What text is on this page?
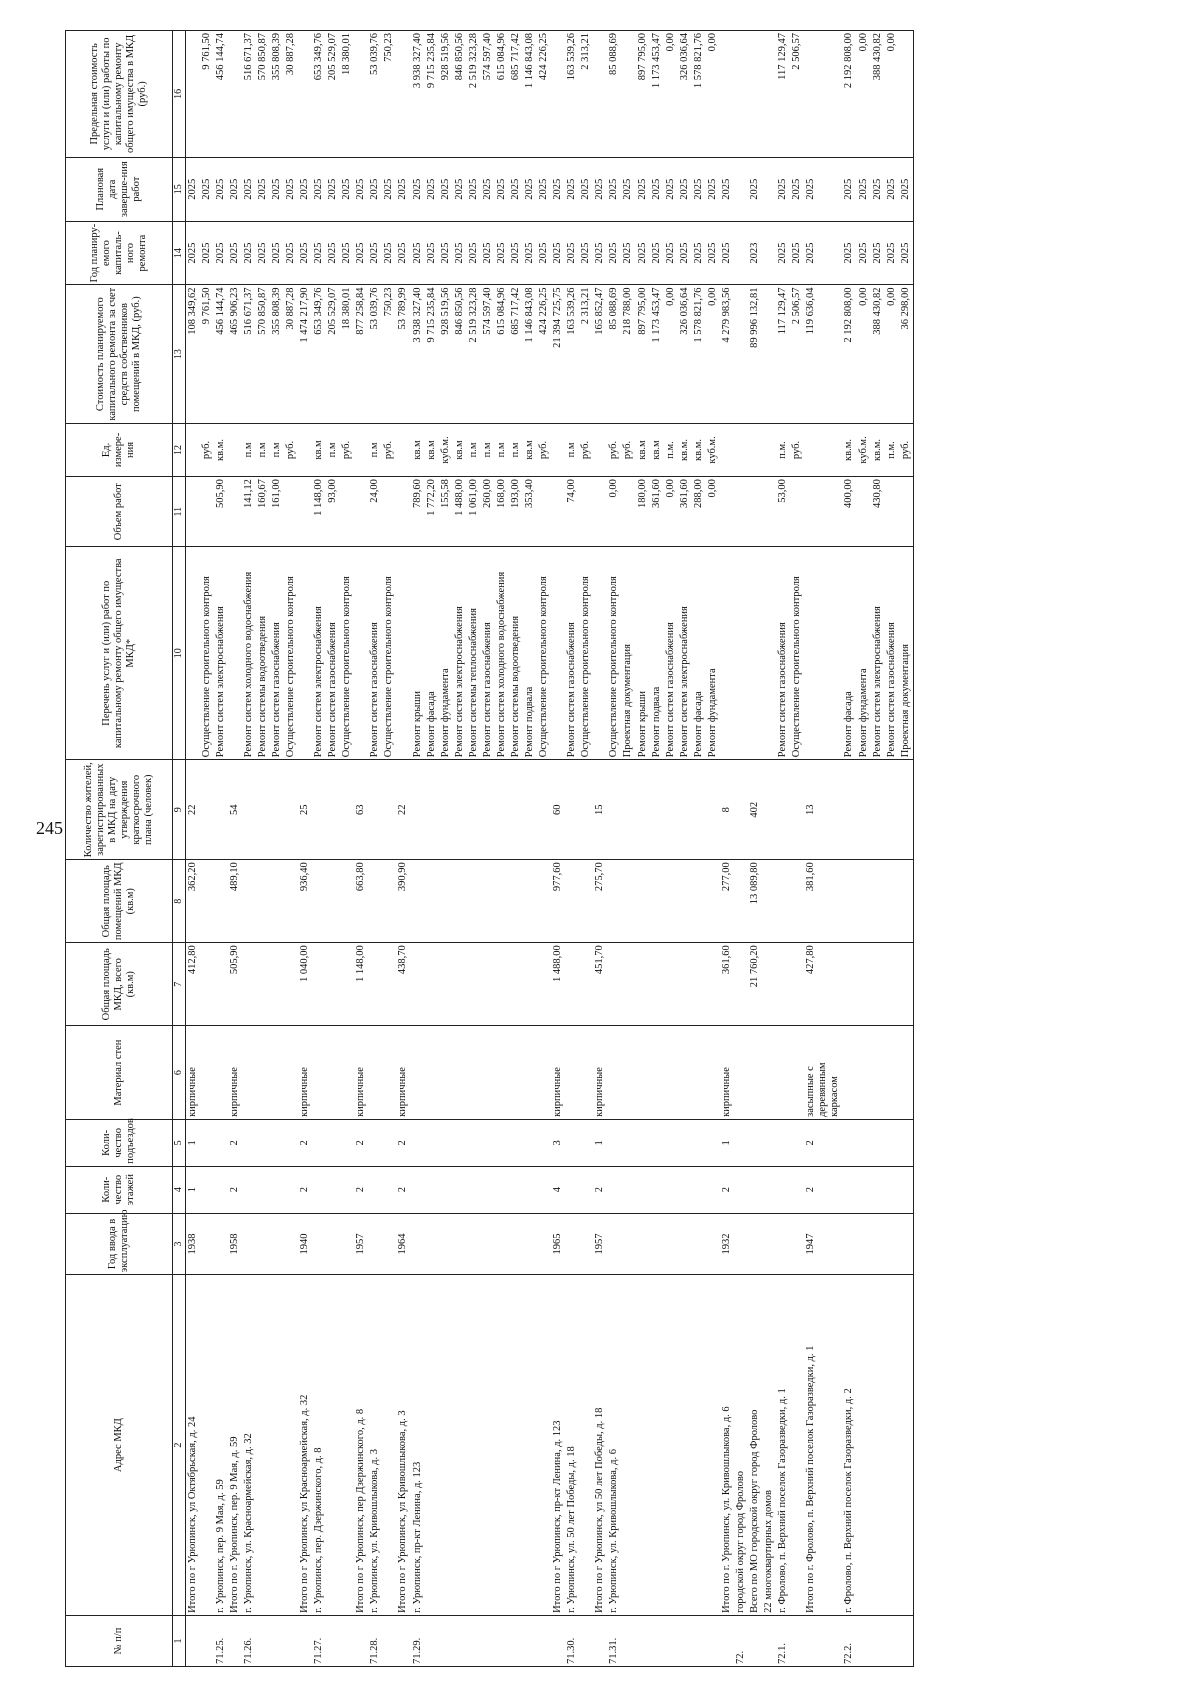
245
№ п/п	Адрес МКД	Год ввода в эксплуатацию	Коли-чество этажей	Коли-чество подъездов	Материал стен	Общая площадь МКД, всего (кв.м)	Общая площадь помещений МКД (кв.м)	Количество жителей, зарегистрированных в МКД на дату утверждения краткосрочного плана (человек)	Перечень услуг и (или) работ по капитальному ремонту общего имущества МКД*	Объем работ	Ед. измере-ния	Стоимость планируемого капитального ремонта за счет средств собственников помещений в МКД, (руб.)	Год планиру-емого капиталь-ного ремонта	Плановая дата заверше-ния работ	Предельная стоимость услуги и (или) работы по капитальному ремонту общего имущества в МКД (руб.)
1	2	3	4	5	6	7	8	9	10	11	12	13	14	15	16
	Итого по г Урюпинск, ул Октябрьская, д. 24	1938	1	1	кирпичные	412,80	362,20	22				108 349,62	2025	2025	
									Осуществление строительного контроля		руб.	9 761,50	2025	2025	9 761,50
71.25.	г. Урюпинск, пер. 9 Мая, д. 59								Ремонт систем электроснабжения	505,90	кв.м.	456 144,74	2025	2025	456 144,74
	Итого по г. Урюпинск, пер. 9 Мая, д. 59	1958	2	2	кирпичные	505,90	489,10	54				465 906,23	2025	2025	
71.26.	г. Урюпинск, ул. Красноармейская, д. 32								Ремонт систем холодного водоснабжения	141,12	п.м	516 671,37	2025	2025	516 671,37
									Ремонт системы водоотведения	160,67	п.м	570 850,87	2025	2025	570 850,87
									Ремонт систем газоснабжения	161,00	п.м	355 808,39	2025	2025	355 808,39
									Осуществление строительного контроля		руб.	30 887,28	2025	2025	30 887,28
	Итого по г Урюпинск, ул Красноармейская, д. 32	1940	2	2	кирпичные	1 040,00	936,40	25				1 474 217,90	2025	2025	
71.27.	г. Урюпинск, пер. Дзержинского, д. 8								Ремонт систем электроснабжения	1 148,00	кв.м	653 349,76	2025	2025	653 349,76
									Ремонт систем газоснабжения	93,00	п.м	205 529,07	2025	2025	205 529,07
									Осуществление строительного контроля		руб.	18 380,01	2025	2025	18 380,01
	Итого по г Урюпинск, пер Дзержинского, д. 8	1957	2	2	кирпичные	1 148,00	663,80	63				877 258,84	2025	2025	
71.28.	г. Урюпинск, ул. Кривошлыкова, д. 3								Ремонт систем газоснабжения	24,00	п.м	53 039,76	2025	2025	53 039,76
									Осуществление строительного контроля		руб.	750,23	2025	2025	750,23
	Итого по г Урюпинск, ул Кривошлыкова, д. 3	1964	2	2	кирпичные	438,70	390,90	22				53 789,99	2025	2025	
71.29.	г. Урюпинск, пр-кт Ленина, д. 123								Ремонт крыши	789,60	кв.м	3 938 327,40	2025	2025	3 938 327,40
									Ремонт фасада	1 772,20	кв.м	9 715 235,84	2025	2025	9 715 235,84
									Ремонт фундамента	155,58	куб.м.	928 519,56	2025	2025	928 519,56
									Ремонт систем электроснабжения	1 488,00	кв.м	846 850,56	2025	2025	846 850,56
									Ремонт системы теплоснабжения	1 061,00	п.м	2 519 323,28	2025	2025	2 519 323,28
									Ремонт систем газоснабжения	260,00	п.м	574 597,40	2025	2025	574 597,40
									Ремонт систем холодного водоснабжения	168,00	п.м	615 084,96	2025	2025	615 084,96
									Ремонт системы водоотведения	193,00	п.м	685 717,42	2025	2025	685 717,42
									Ремонт подвала	353,40	кв.м	1 146 843,08	2025	2025	1 146 843,08
									Осуществление строительного контроля		руб.	424 226,25	2025	2025	424 226,25
	Итого по г Урюпинск, пр-кт Ленина, д. 123	1965	4	3	кирпичные	1 488,00	977,60	60				21 394 725,75	2025	2025	
71.30.	г. Урюпинск, ул. 50 лет Победы, д. 18								Ремонт систем газоснабжения	74,00	п.м	163 539,26	2025	2025	163 539,26
									Осуществление строительного контроля		руб.	2 313,21	2025	2025	2 313,21
	Итого по г Урюпинск, ул 50 лет Победы, д. 18	1957	2	1	кирпичные	451,70	275,70	15				165 852,47	2025	2025	
71.31.	г. Урюпинск, ул. Кривошлыкова, д. 6								Осуществление строительного контроля	0,00	руб.	85 088,69	2025	2025	85 088,69
									Проектная документация		руб.	218 788,00	2025	2025	
									Ремонт крыши	180,00	кв.м	897 795,00	2025	2025	897 795,00
									Ремонт подвала	361,60	кв.м	1 173 453,47	2025	2025	1 173 453,47
									Ремонт систем газоснабжения	0,00	п.м.	0,00	2025	2025	0,00
									Ремонт систем электроснабжения	361,60	кв.м.	326 036,64	2025	2025	326 036,64
									Ремонт фасада	288,00	кв.м.	1 578 821,76	2025	2025	1 578 821,76
									Ремонт фундамента	0,00	куб.м.	0,00	2025	2025	0,00
	Итого по г. Урюпинск, ул. Кривошлыкова, д. 6	1932	2	1	кирпичные	361,60	277,00	8				4 279 983,56	2025	2025	
72.	городской округ город Фролово														
	Всего по МО городской округ город Фролово					21 760,20	13 089,80	402				89 996 132,81	2023	2025	
	22 многоквартирных домов														
72.1.	г. Фролово, п. Верхний поселок Газоразведки, д. 1								Ремонт систем газоснабжения	53,00	п.м.	117 129,47	2025	2025	117 129,47
									Осуществление строительного контроля		руб.	2 506,57	2025	2025	2 506,57
	Итого по г. Фролово, п. Верхний поселок Газоразведки, д. 1	1947	2	2	засыпные с деревянным каркасом	427,80	381,60	13				119 636,04	2025	2025	
72.2.	г. Фролово, п. Верхний поселок Газоразведки, д. 2								Ремонт фасада	400,00	кв.м.	2 192 808,00	2025	2025	2 192 808,00
									Ремонт фундамента		куб.м.	0,00	2025	2025	0,00
									Ремонт систем электроснабжения	430,80	кв.м.	388 430,82	2025	2025	388 430,82
									Ремонт систем газоснабжения		п.м.	0,00	2025	2025	0,00
									Проектная документация		руб.	36 298,00	2025	2025	
